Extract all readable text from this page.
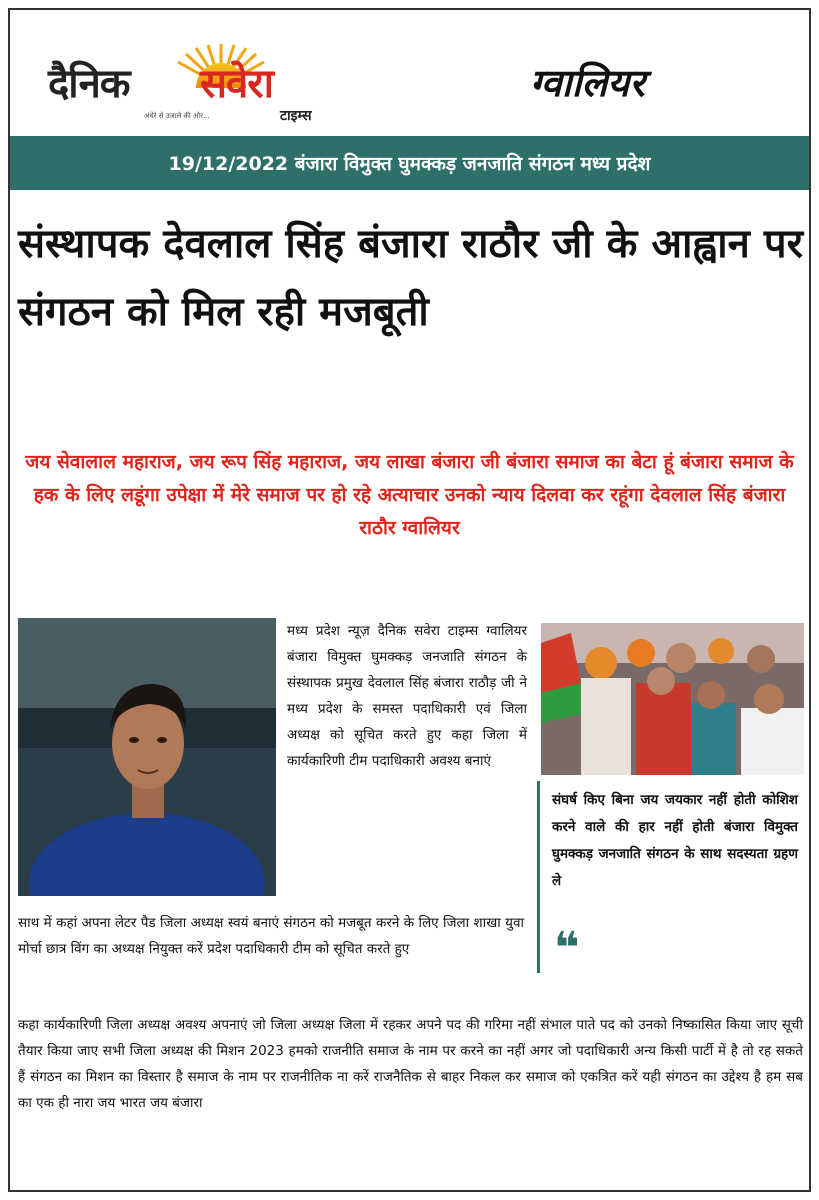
दैनिक सवेरा
अंधेरे से उजाले की ओर...	टाइम्स
ग्वालियर
19/12/2022 बंजारा विमुक्त घुमक्कड़ जनजाति संगठन मध्य प्रदेश
संस्थापक देवलाल सिंह बंजारा राठौर जी के आह्वान पर संगठन को मिल रही मजबूती

जय सेवालाल महाराज, जय रूप सिंह महाराज, जय लाखा बंजारा जी बंजारा समाज का बेटा हूं बंजारा समाज के हक के लिए लडूंगा उपेक्षा में मेरे समाज पर हो रहे अत्याचार उनको न्याय दिलवा कर रहूंगा देवलाल सिंह बंजारा राठौर ग्वालियर

मध्य प्रदेश न्यूज़ दैनिक सवेरा टाइम्स ग्वालियर बंजारा विमुक्त घुमक्कड़ जनजाति संगठन के संस्थापक प्रमुख देवलाल सिंह बंजारा राठौड़ जी ने मध्य प्रदेश के समस्त पदाधिकारी एवं जिला अध्यक्ष को सूचित करते हुए कहा जिला में कार्यकारिणी टीम पदाधिकारी अवश्य बनाएं

साथ में कहां अपना लेटर पैड जिला अध्यक्ष स्वयं बनाएं संगठन को मजबूत करने के लिए जिला शाखा युवा मोर्चा छात्र विंग का अध्यक्ष नियुक्त करें प्रदेश पदाधिकारी टीम को सूचित करते हुए

कहा कार्यकारिणी जिला अध्यक्ष अवश्य अपनाएं जो जिला अध्यक्ष जिला में रहकर अपने पद की गरिमा नहीं संभाल पाते पद को उनको निष्कासित किया जाए सूची तैयार किया जाए सभी जिला अध्यक्ष की मिशन 2023 हमको राजनीति समाज के नाम पर करने का नहीं अगर जो पदाधिकारी अन्य किसी पार्टी में है तो रह सकते हैं संगठन का मिशन का विस्तार है समाज के नाम पर राजनीतिक ना करें राजनैतिक से बाहर निकल कर समाज को एकत्रित करें यही संगठन का उद्देश्य है हम सब का एक ही नारा जय भारत जय बंजारा

संघर्ष किए बिना जय जयकार नहीं होती कोशिश करने वाले की हार नहीं होती बंजारा विमुक्त घुमक्कड़ जनजाति संगठन के साथ सदस्यता ग्रहण ले

❝
